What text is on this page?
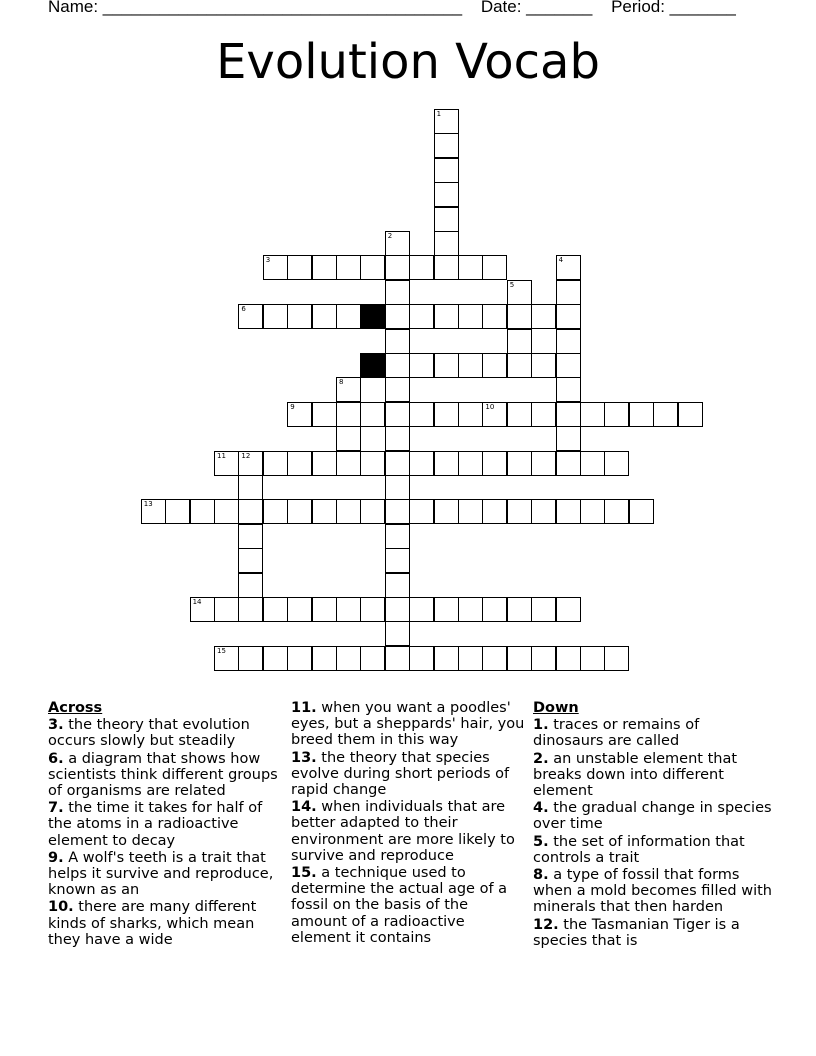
Name: ______________________________________ Date: _______ Period: _______
Evolution Vocab
1
2
3	4
5
6
8
9	10
11 12
13
14
15
Across
3. the theory that evolution occurs slowly but steadily
6. a diagram that shows how scientists think different groups of organisms are related
7. the time it takes for half of the atoms in a radioactive element to decay
9. A wolf's teeth is a trait that helps it survive and reproduce, known as an
10. there are many different kinds of sharks, which mean they have a wide
11. when you want a poodles' eyes, but a sheppards' hair, you breed them in this way
13. the theory that species evolve during short periods of rapid change
14. when individuals that are better adapted to their environment are more likely to survive and reproduce
15. a technique used to determine the actual age of a fossil on the basis of the amount of a radioactive element it contains
Down
1. traces or remains of dinosaurs are called
2. an unstable element that breaks down into different element
4. the gradual change in species over time
5. the set of information that controls a trait
8. a type of fossil that forms when a mold becomes filled with minerals that then harden
12. the Tasmanian Tiger is a species that is
